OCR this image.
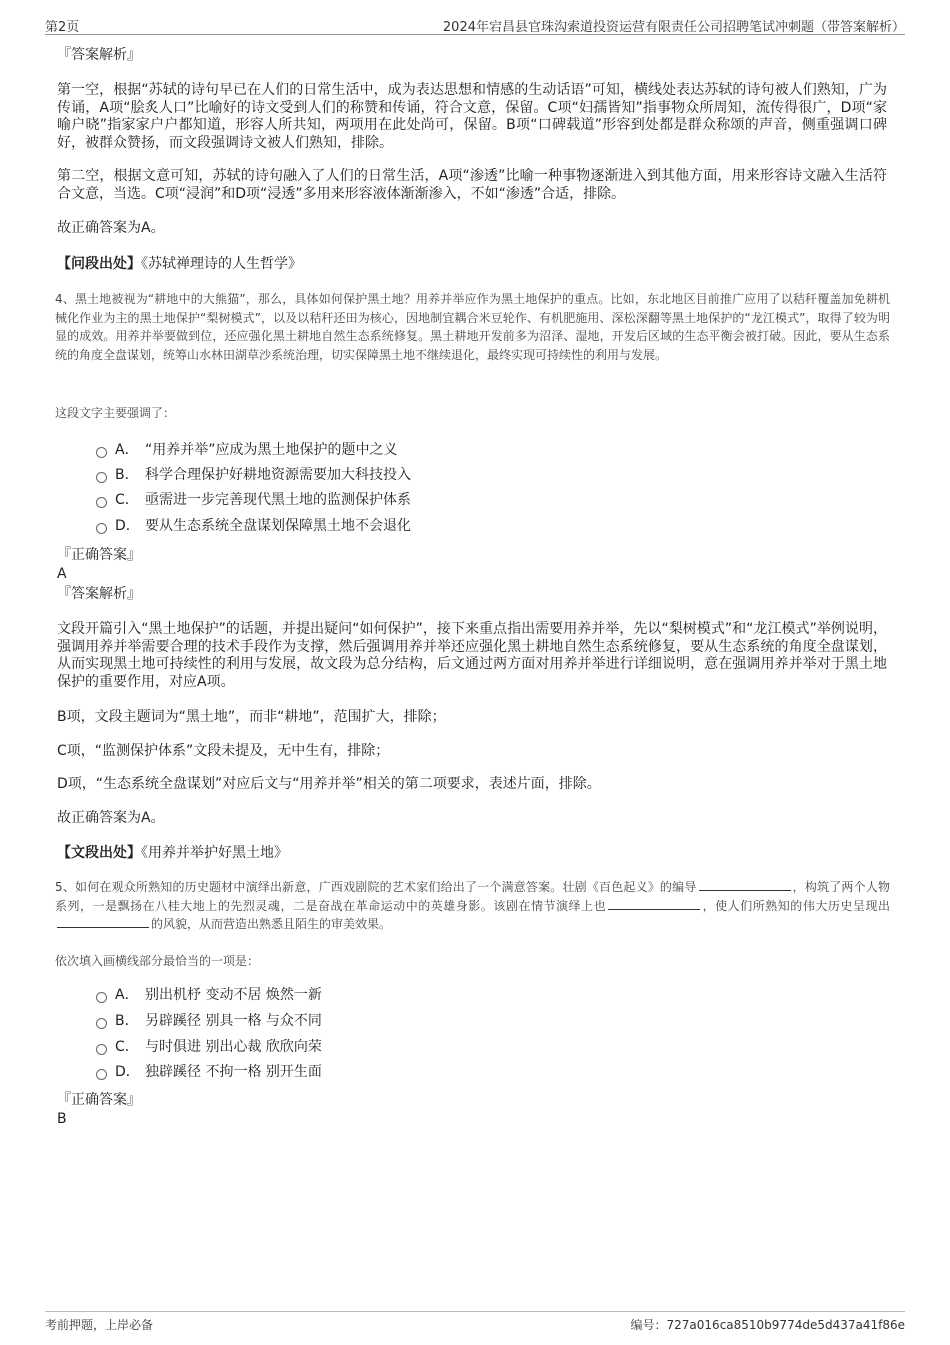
第2页	2024年宕昌县官珠沟索道投资运营有限责任公司招聘笔试冲刺题（带答案解析）
『答案解析』
第一空，根据“苏轼的诗句早已在人们的日常生活中，成为表达思想和情感的生动话语”可知，横线处表达苏轼的诗句被人们熟知，广为传诵，A项“脍炙人口”比喻好的诗文受到人们的称赞和传诵，符合文意，保留。C项“妇孺皆知”指事物众所周知，流传得很广，D项“家喻户晓”指家家户户都知道，形容人所共知，两项用在此处尚可，保留。B项“口碑载道”形容到处都是群众称颂的声音，侧重强调口碑好，被群众赞扬，而文段强调诗文被人们熟知，排除。
第二空，根据文意可知，苏轼的诗句融入了人们的日常生活，A项“渗透”比喻一种事物逐渐进入到其他方面，用来形容诗文融入生活符合文意，当选。C项“浸润”和D项“浸透”多用来形容液体渐渐渗入，不如“渗透”合适，排除。
故正确答案为A。
【问段出处】《苏轼禅理诗的人生哲学》
4、黑土地被视为“耕地中的大熊猫”，那么，具体如何保护黑土地？用养并举应作为黑土地保护的重点。比如，东北地区目前推广应用了以秸秆覆盖加免耕机械化作业为主的黑土地保护“梨树模式”，以及以秸秆还田为核心，因地制宜耦合米豆轮作、有机肥施用、深松深翻等黑土地保护的“龙江模式”，取得了较为明显的成效。用养并举要做到位，还应强化黑土耕地自然生态系统修复。黑土耕地开发前多为沼泽、湿地，开发后区域的生态平衡会被打破。因此，要从生态系统的角度全盘谋划，统筹山水林田湖草沙系统治理，切实保障黑土地不继续退化，最终实现可持续性的利用与发展。
这段文字主要强调了：
A． “用养并举”应成为黑土地保护的题中之义
B． 科学合理保护好耕地资源需要加大科技投入
C． 亟需进一步完善现代黑土地的监测保护体系
D． 要从生态系统全盘谋划保障黑土地不会退化
『正确答案』
A
『答案解析』
文段开篇引入“黑土地保护”的话题，并提出疑问“如何保护”，接下来重点指出需要用养并举，先以“梨树模式”和“龙江模式”举例说明，强调用养并举需要合理的技术手段作为支撑，然后强调用养并举还应强化黑土耕地自然生态系统修复，要从生态系统的角度全盘谋划，从而实现黑土地可持续性的利用与发展，故文段为总分结构，后文通过两方面对用养并举进行详细说明，意在强调用养并举对于黑土地保护的重要作用，对应A项。
B项，文段主题词为“黑土地”，而非“耕地”，范围扩大，排除；
C项，“监测保护体系”文段未提及，无中生有，排除；
D项，“生态系统全盘谋划”对应后文与“用养并举”相关的第二项要求，表述片面，排除。
故正确答案为A。
【文段出处】《用养并举护好黑土地》
5、如何在观众所熟知的历史题材中演绎出新意，广西戏剧院的艺术家们给出了一个满意答案。壮剧《百色起义》的编导	，构筑了两个人物系列，一是飘扬在八桂大地上的先烈灵魂，二是奋战在革命运动中的英雄身影。该剧在情节演绎上也	，使人们所熟知的伟大历史呈现出的风貌，从而营造出熟悉且陌生的审美效果。
依次填入画横线部分最恰当的一项是：
A． 别出机杼 变动不居 焕然一新
B． 另辟蹊径 别具一格 与众不同
C． 与时俱进 别出心裁 欣欣向荣
D． 独辟蹊径 不拘一格 别开生面
『正确答案』
B
考前押题，上岸必备	编号：727a016ca8510b9774de5d437a41f86e
